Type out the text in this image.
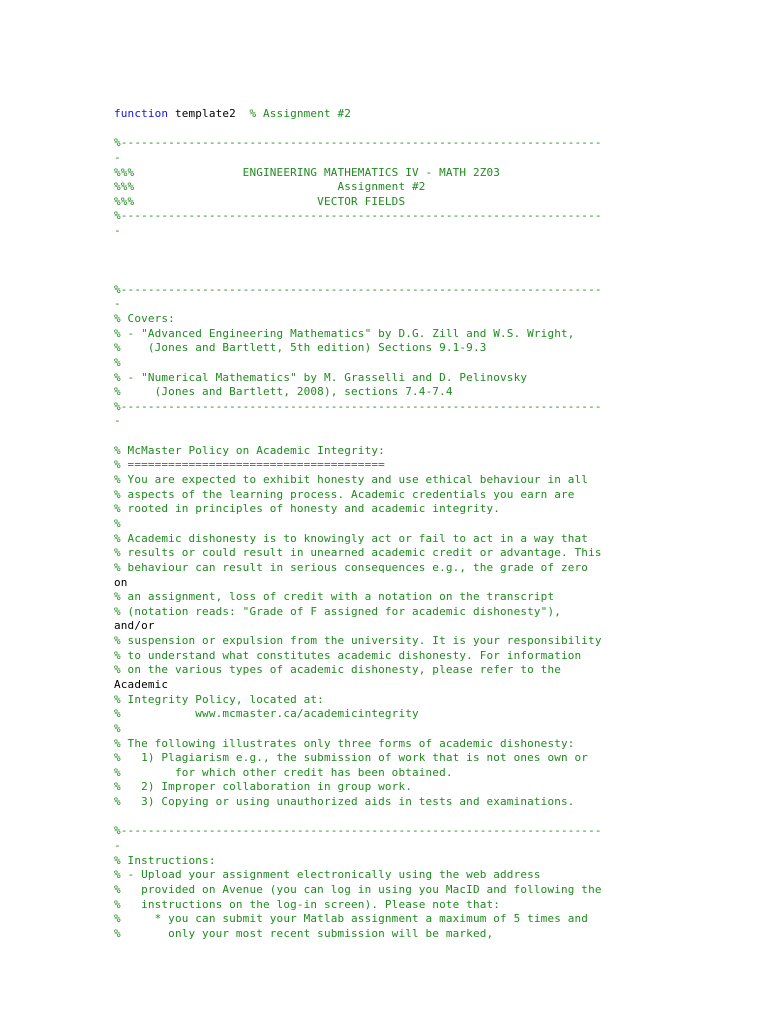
function template2  % Assignment #2
%-----------------------------------------------------------------------
-
%%%                ENGINEERING MATHEMATICS IV - MATH 2Z03
%%%                              Assignment #2
%%%                           VECTOR FIELDS
%-----------------------------------------------------------------------
-
%-----------------------------------------------------------------------
-
% Covers:
% - "Advanced Engineering Mathematics" by D.G. Zill and W.S. Wright,
%    (Jones and Bartlett, 5th edition) Sections 9.1-9.3
%
% - "Numerical Mathematics" by M. Grasselli and D. Pelinovsky
%     (Jones and Bartlett, 2008), sections 7.4-7.4
%-----------------------------------------------------------------------
-
% McMaster Policy on Academic Integrity:
% ======================================
% You are expected to exhibit honesty and use ethical behaviour in all
% aspects of the learning process. Academic credentials you earn are
% rooted in principles of honesty and academic integrity.
%
% Academic dishonesty is to knowingly act or fail to act in a way that
% results or could result in unearned academic credit or advantage. This
% behaviour can result in serious consequences e.g., the grade of zero
on
% an assignment, loss of credit with a notation on the transcript
% (notation reads: "Grade of F assigned for academic dishonesty"),
and/or
% suspension or expulsion from the university. It is your responsibility
% to understand what constitutes academic dishonesty. For information
% on the various types of academic dishonesty, please refer to the
Academic
% Integrity Policy, located at:
%           www.mcmaster.ca/academicintegrity
%
% The following illustrates only three forms of academic dishonesty:
%   1) Plagiarism e.g., the submission of work that is not ones own or
%        for which other credit has been obtained.
%   2) Improper collaboration in group work.
%   3) Copying or using unauthorized aids in tests and examinations.
%-----------------------------------------------------------------------
-
% Instructions:
% - Upload your assignment electronically using the web address
%   provided on Avenue (you can log in using you MacID and following the
%   instructions on the log-in screen). Please note that:
%     * you can submit your Matlab assignment a maximum of 5 times and
%       only your most recent submission will be marked,
